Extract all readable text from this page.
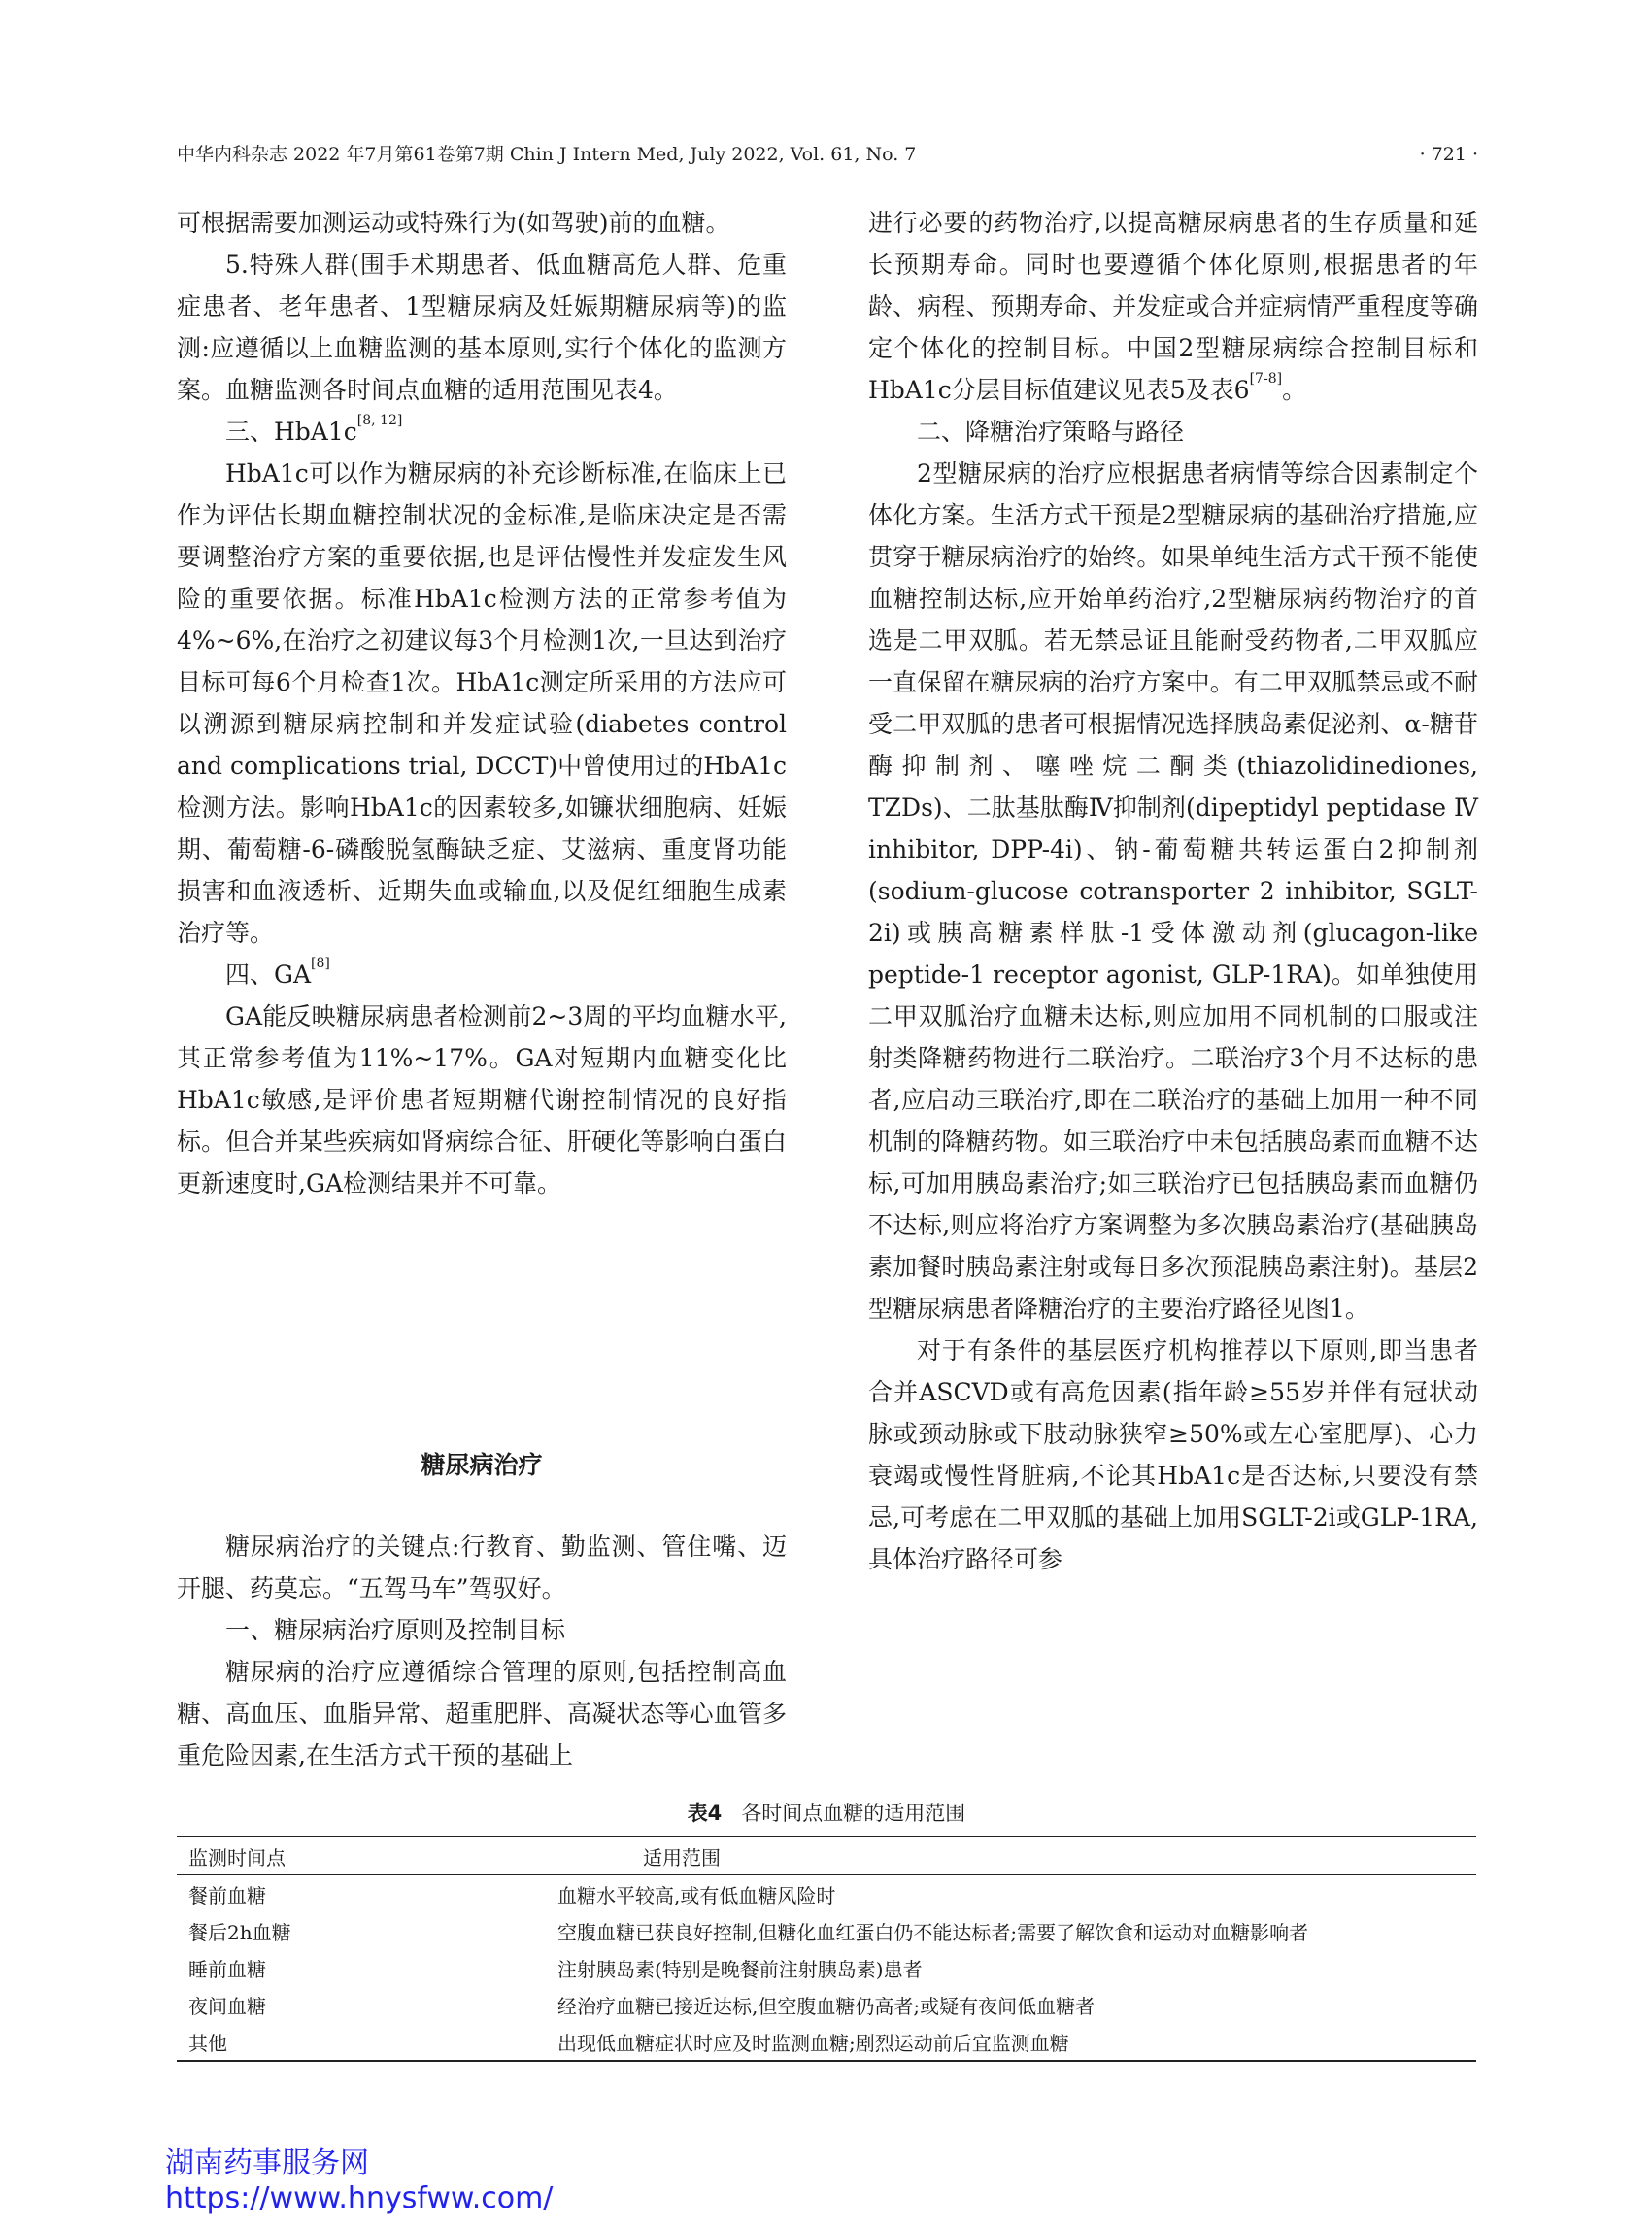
中华内科杂志 2022 年7月第61卷第7期 Chin J Intern Med, July 2022, Vol. 61, No. 7	· 721 ·

可根据需要加测运动或特殊行为(如驾驶)前的血糖。

5.特殊人群(围手术期患者、低血糖高危人群、危重症患者、老年患者、1型糖尿病及妊娠期糖尿病等)的监测:应遵循以上血糖监测的基本原则,实行个体化的监测方案。血糖监测各时间点血糖的适用范围见表4。

三、HbA1c[8, 12]

HbA1c可以作为糖尿病的补充诊断标准,在临床上已作为评估长期血糖控制状况的金标准,是临床决定是否需要调整治疗方案的重要依据,也是评估慢性并发症发生风险的重要依据。标准HbA1c检测方法的正常参考值为4%~6%,在治疗之初建议每3个月检测1次,一旦达到治疗目标可每6个月检查1次。HbA1c测定所采用的方法应可以溯源到糖尿病控制和并发症试验(diabetes control and complications trial, DCCT)中曾使用过的HbA1c检测方法。影响HbA1c的因素较多,如镰状细胞病、妊娠期、葡萄糖-6-磷酸脱氢酶缺乏症、艾滋病、重度肾功能损害和血液透析、近期失血或输血,以及促红细胞生成素治疗等。

四、GA[8]

GA能反映糖尿病患者检测前2~3周的平均血糖水平,其正常参考值为11%~17%。GA对短期内血糖变化比HbA1c敏感,是评价患者短期糖代谢控制情况的良好指标。但合并某些疾病如肾病综合征、肝硬化等影响白蛋白更新速度时,GA检测结果并不可靠。

糖尿病治疗

糖尿病治疗的关键点:行教育、勤监测、管住嘴、迈开腿、药莫忘。“五驾马车”驾驭好。

一、糖尿病治疗原则及控制目标

糖尿病的治疗应遵循综合管理的原则,包括控制高血糖、高血压、血脂异常、超重肥胖、高凝状态等心血管多重危险因素,在生活方式干预的基础上

进行必要的药物治疗,以提高糖尿病患者的生存质量和延长预期寿命。同时也要遵循个体化原则,根据患者的年龄、病程、预期寿命、并发症或合并症病情严重程度等确定个体化的控制目标。中国2型糖尿病综合控制目标和HbA1c分层目标值建议见表5及表6[7-8]。

二、降糖治疗策略与路径

2型糖尿病的治疗应根据患者病情等综合因素制定个体化方案。生活方式干预是2型糖尿病的基础治疗措施,应贯穿于糖尿病治疗的始终。如果单纯生活方式干预不能使血糖控制达标,应开始单药治疗,2型糖尿病药物治疗的首选是二甲双胍。若无禁忌证且能耐受药物者,二甲双胍应一直保留在糖尿病的治疗方案中。有二甲双胍禁忌或不耐受二甲双胍的患者可根据情况选择胰岛素促泌剂、α-糖苷酶抑制剂、噻唑烷二酮类(thiazolidinediones, TZDs)、二肽基肽酶Ⅳ抑制剂(dipeptidyl peptidase Ⅳ inhibitor, DPP-4i)、钠-葡萄糖共转运蛋白2抑制剂(sodium-glucose cotransporter 2 inhibitor, SGLT-2i)或胰高糖素样肽-1受体激动剂(glucagon-like peptide-1 receptor agonist, GLP-1RA)。如单独使用二甲双胍治疗血糖未达标,则应加用不同机制的口服或注射类降糖药物进行二联治疗。二联治疗3个月不达标的患者,应启动三联治疗,即在二联治疗的基础上加用一种不同机制的降糖药物。如三联治疗中未包括胰岛素而血糖不达标,可加用胰岛素治疗;如三联治疗已包括胰岛素而血糖仍不达标,则应将治疗方案调整为多次胰岛素治疗(基础胰岛素加餐时胰岛素注射或每日多次预混胰岛素注射)。基层2型糖尿病患者降糖治疗的主要治疗路径见图1。

对于有条件的基层医疗机构推荐以下原则,即当患者合并ASCVD或有高危因素(指年龄≥55岁并伴有冠状动脉或颈动脉或下肢动脉狭窄≥50%或左心室肥厚)、心力衰竭或慢性肾脏病,不论其HbA1c是否达标,只要没有禁忌,可考虑在二甲双胍的基础上加用SGLT-2i或GLP-1RA,具体治疗路径可参

表4 各时间点血糖的适用范围
监测时间点	适用范围
餐前血糖	血糖水平较高,或有低血糖风险时
餐后2h血糖	空腹血糖已获良好控制,但糖化血红蛋白仍不能达标者;需要了解饮食和运动对血糖影响者
睡前血糖	注射胰岛素(特别是晚餐前注射胰岛素)患者
夜间血糖	经治疗血糖已接近达标,但空腹血糖仍高者;或疑有夜间低血糖者
其他	出现低血糖症状时应及时监测血糖;剧烈运动前后宜监测血糖
湖南药事服务网
https://www.hnysfww.com/
